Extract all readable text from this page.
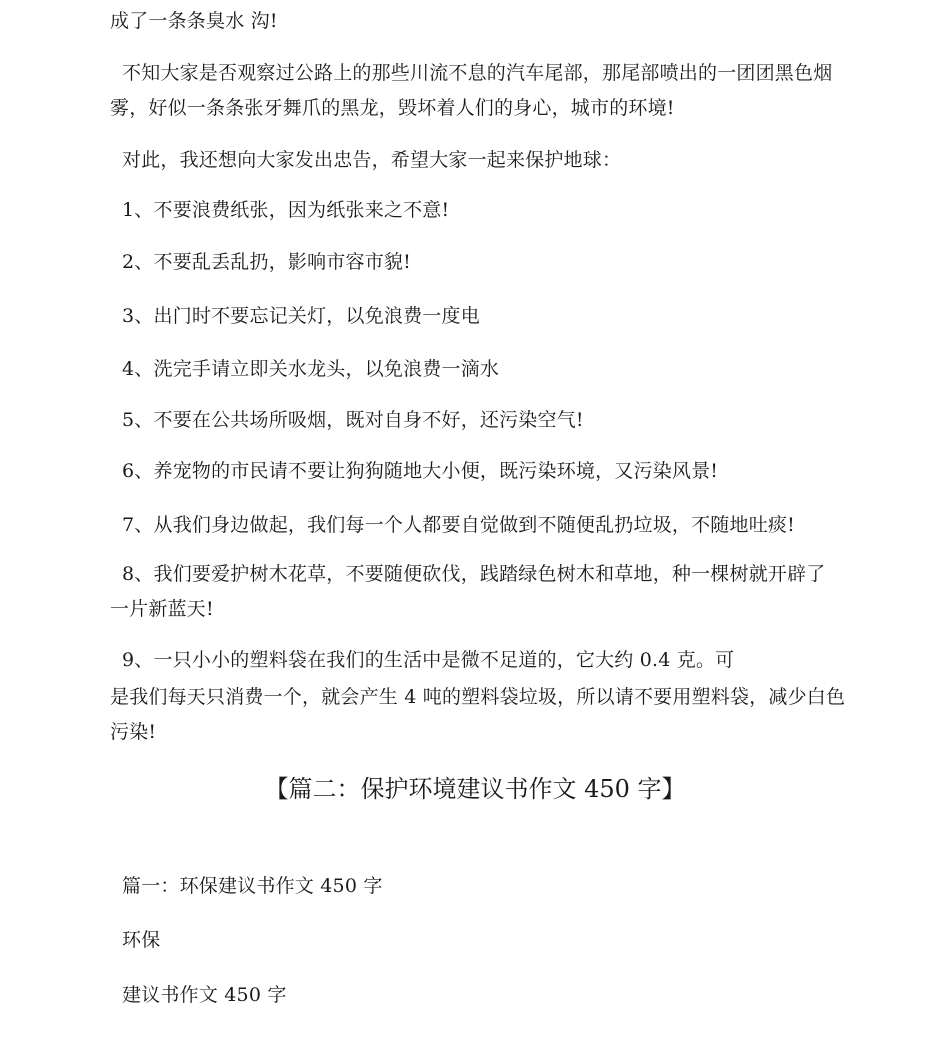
成了一条条臭水 沟!
不知大家是否观察过公路上的那些川流不息的汽车尾部，那尾部喷出的一团团黑色烟
雾，好似一条条张牙舞爪的黑龙，毁坏着人们的身心，城市的环境!
对此，我还想向大家发出忠告，希望大家一起来保护地球：
1、不要浪费纸张，因为纸张来之不意!
2、不要乱丢乱扔，影响市容市貌!
3、出门时不要忘记关灯，以免浪费一度电
4、洗完手请立即关水龙头，以免浪费一滴水
5、不要在公共场所吸烟，既对自身不好，还污染空气!
6、养宠物的市民请不要让狗狗随地大小便，既污染环境，又污染风景!
7、从我们身边做起，我们每一个人都要自觉做到不随便乱扔垃圾，不随地吐痰!
8、我们要爱护树木花草，不要随便砍伐，践踏绿色树木和草地，种一棵树就开辟了
一片新蓝天!
9、一只小小的塑料袋在我们的生活中是微不足道的，它大约 0.4 克。可
是我们每天只消费一个，就会产生 4 吨的塑料袋垃圾，所以请不要用塑料袋，减少白色
污染!
【篇二：保护环境建议书作文 450 字】
篇一：环保建议书作文 450 字
环保
建议书作文 450 字
